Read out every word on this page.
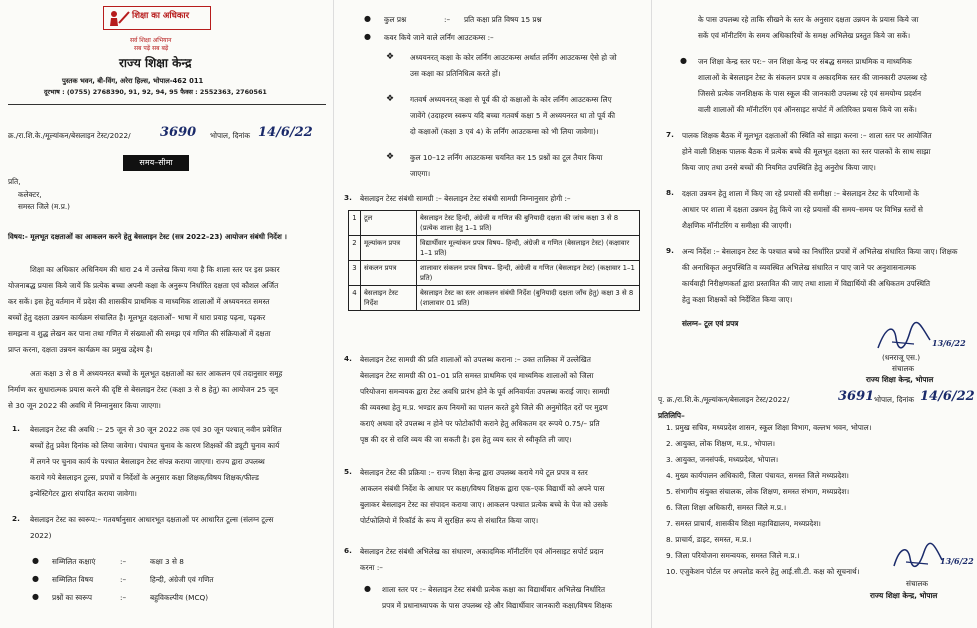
शिक्षा का अधिकार
सर्व शिक्षा अभियान
सब पढ़ें सब बढ़ें
राज्य शिक्षा केन्द्र
पुस्तक भवन, बी-विंग, अरेरा हिल्स, भोपाल-462 011
दूरभाष : (0755) 2768390, 91, 92, 94, 95 फैक्स : 2552363, 2760561
क्र./रा.शि.के./मूल्यांकन/बेसलाइन टेस्ट/2022/ 3690 भोपाल, दिनांक 14/6/22
समय–सीमा
प्रति,
कलेक्टर,
समस्त जिले (म.प्र.)
विषय:- मूलभूत दक्षताओं का आकलन करने हेतु बेसलाइन टेस्ट (सत्र 2022–23) आयोजन संबंधी निर्देश ।
शिक्षा का अधिकार अधिनियम की धारा 24 में उल्लेख किया गया है कि शाला स्तर पर इस प्रकार
योजनाबद्ध प्रयास किये जायें कि प्रत्येक बच्चा अपनी कक्षा के अनुरूप निर्धारित दक्षता एवं कौशल अर्जित
कर सकें। इस हेतु वर्तमान में प्रदेश की शासकीय प्राथमिक व माध्यमिक शालाओं में अध्ययनरत समस्त
बच्चों हेतु दक्षता उन्नयन कार्यक्रम संचालित है। मूलभूत दक्षताओं– भाषा में धारा प्रवाह पढ़ना, पढ़कर
समझना व शुद्ध लेखन कर पाना तथा गणित में संख्याओं की समझ एवं गणित की संक्रियाओं में दक्षता
प्राप्त करना, दक्षता उन्नयन कार्यक्रम का प्रमुख उद्देश्य है।
अतः कक्षा 3 से 8 में अध्ययनरत बच्चों के मूलभूत दक्षताओं का स्तर आकलन एवं तदानुसार समूह
निर्माण कर सुधारात्मक प्रयास करने की दृष्टि से बेसलाइन टेस्ट (कक्षा 3 से 8 हेतु) का आयोजन 25 जून
से 30 जून 2022 की अवधि में निम्नानुसार किया जाएगा।
1. बेसलाइन टेस्ट की अवधि :– 25 जून से 30 जून 2022 तक एवं 30 जून पश्चात् नवीन प्रवेशित
बच्चों हेतु प्रवेश दिनांक को लिया जावेगा। पंचायत चुनाव के कारण शिक्षकों की ड्यूटी चुनाव कार्य
में लगने पर चुनाव कार्य के पश्चात बेसलाइन टेस्ट संपन्न कराया जाएगा। राज्य द्वारा उपलब्ध
कराये गये बेसलाइन टूल्स, प्रपत्रों व निर्देशों के अनुसार कक्षा शिक्षक/विषय शिक्षक/फील्ड
इन्वेस्टिगेटर द्वारा संपादित कराया जावेगा।
2. बेसलाइन टेस्ट का स्वरूप:– गतवर्षानुसार आधारभूत दक्षताओं पर आधारित टूल्स (संलग्न टूल्स
2022)
● सम्मिलित कक्षाएं	:–	कक्षा 3 से 8
● सम्मिलित विषय	:–	हिन्दी, अंग्रेजी एवं गणित
● प्रश्नों का स्वरूप	:–	बहुविकल्पीय (MCQ)
● कुल प्रश्न	:– प्रति कक्षा प्रति विषय 15 प्रश्न
● कवर किये जाने वाले लर्निंग आउटकम्स :–
❖ अध्ययनरत् कक्षा के कोर लर्निंग आउटकम्स अर्थात लर्निंग आउटकम्स ऐसे हो जो
उस कक्षा का प्रतिनिधित्व करते हों।
❖ गतवर्ष अध्ययनरत् कक्षा से पूर्व की दो कक्षाओं के कोर लर्निंग आउटकम्स लिए
जावेंगे (उदाहरण स्वरूप यदि बच्चा गतवर्ष कक्षा 5 में अध्ययनरत था तो पूर्व की
दो कक्षाओं (कक्षा 3 एवं 4) के लर्निंग आउटकम्स को भी लिया जावेगा)।
❖ कुल 10–12 लर्निंग आउटकम्स चयनित कर 15 प्रश्नों का टूल तैयार किया
जाएगा।
3. बेसलाइन टेस्ट संबंधी सामग्री :– बेसलाइन टेस्ट संबंधी सामग्री निम्नानुसार होगी :–
1	टूल	बेसलाइन टेस्ट हिन्दी, अंग्रेजी व गणित की बुनियादी दक्षता की जांच कक्षा 3 से 8 (प्रत्येक शाला हेतु 1–1 प्रति)
2	मूल्यांकन प्रपत्र	विद्यार्थीवार मूल्यांकन प्रपत्र विषय– हिन्दी, अंग्रेजी व गणित (बेसलाइन टेस्ट) (कक्षावार 1–1 प्रति)
3	संकलन प्रपत्र	शालावार संकलन प्रपत्र विषय– हिन्दी, अंग्रेजी व गणित (बेसलाइन टेस्ट) (कक्षावार 1–1 प्रति)
4	बेसलाइन टेस्ट निर्देश	बेसलाइन टेस्ट का स्तर आकलन संबंधी निर्देश (बुनियादी दक्षता जाँच हेतु) कक्षा 3 से 8 (शालावार 01 प्रति)
4. बेसलाइन टेस्ट सामग्री की प्रति शालाओं को उपलब्ध कराना :– उक्त तालिका में उल्लेखित
बेसलाइन टेस्ट सामग्री की 01–01 प्रति समस्त प्राथमिक एवं माध्यमिक शालाओं को जिला
परियोजना समन्वयक द्वारा टेस्ट अवधि प्रारंभ होने के पूर्व अनिवार्यतः उपलब्ध कराई जाए। सामग्री
की व्यवस्था हेतु म.प्र. भण्डार क्रय नियमों का पालन करते हुये जिले की अनुमोदित दरों पर मुद्रण
कराएं अथवा दरें उपलब्ध न होने पर फोटोकॉपी कराने हेतु अधिकतम दर रूपये 0.75/– प्रति
पृष्ठ की दर से राशि व्यय की जा सकती है। इस हेतु व्यय स्तर से स्वीकृति ली जाए।
5. बेसलाइन टेस्ट की प्रक्रिया :– राज्य शिक्षा केन्द्र द्वारा उपलब्ध कराये गये टूल प्रपत्र व स्तर
आकलन संबंधी निर्देश के आधार पर कक्षा/विषय शिक्षक द्वारा एक–एक विद्यार्थी को अपने पास
बुलाकर बेसलाइन टेस्ट का संपादन कराया जाए। आकलन पश्चात प्रत्येक बच्चे के पेज को उसके
पोर्टफोलियो में रिकॉर्ड के रूप में सुरक्षित रूप से संधारित किया जाए।
6. बेसलाइन टेस्ट संबंधी अभिलेख का संधारण, अकादमिक मॉनीटरिंग एवं ऑनसाइट सपोर्ट प्रदान
करना :–
● शाला स्तर पर :– बेसलाइन टेस्ट संबंधी प्रत्येक कक्षा का विद्यार्थीवार अभिलेख निर्धारित
प्रपत्र में प्रधानाध्यापक के पास उपलब्ध रहे और विद्यार्थीवार जानकारी कक्षा/विषय शिक्षक
के पास उपलब्ध रहे ताकि सीखने के स्तर के अनुसार दक्षता उन्नयन के प्रयास किये जा
सकें एवं मॉनीटरिंग के समय अधिकारियों के समक्ष अभिलेख प्रस्तुत किये जा सकें।
● जन शिक्षा केन्द्र स्तर पर:– जन शिक्षा केन्द्र पर संबद्ध समस्त प्राथमिक व माध्यमिक
शालाओं के बेसलाइन टेस्ट के संकलन प्रपत्र व अकादमिक स्तर की जानकारी उपलब्ध रहे
जिससे प्रत्येक जनशिक्षक के पास स्कूल की जानकारी उपलब्ध रहे एवं समयोग्य प्रदर्शन
वाली शालाओं की मॉनीटरिंग एवं ऑनसाइट सपोर्ट में अतिरिक्त प्रयास किये जा सकें।
7. पालक शिक्षक बैठक में मूलभूत दक्षताओं की स्थिति को साझा करना :– शाला स्तर पर आयोजित
होने वाली शिक्षक पालक बैठक में प्रत्येक बच्चे की मूलभूत दक्षता का स्तर पालकों के साथ साझा
किया जाए तथा उनसे बच्चों की नियमित उपस्थिति हेतु अनुरोध किया जाए।
8. दक्षता उन्नयन हेतु शाला में किए जा रहे प्रयासों की समीक्षा :– बेसलाइन टेस्ट के परिणामों के
आधार पर शाला में दक्षता उन्नयन हेतु किये जा रहे प्रयासों की समय–समय पर विभिन्न स्तरों से
शैक्षणिक मॉनीटरिंग व समीक्षा की जाएगी।
9. अन्य निर्देश :– बेसलाइन टेस्ट के पश्चात बच्चे का निर्धारित प्रपत्रों में अभिलेख संधारित किया जाए। शिक्षक
की अनाधिकृत अनुपस्थिति व व्यवस्थित अभिलेख संधारित न पाए जाने पर अनुशासनात्मक
कार्यवाही निरीक्षणकर्ता द्वारा प्रस्तावित की जाए तथा शाला में विद्यार्थियों की अधिकतम उपस्थिति
हेतु कक्षा शिक्षकों को निर्देशित किया जाए।
संलग्न– टूल एवं प्रपत्र
13/6/22
(धनराजू एस.)
संचालक
राज्य शिक्षा केन्द्र, भोपाल
पृ. क्र./रा.शि.के./मूल्यांकन/बेसलाइन टेस्ट/2022/	3691 भोपाल, दिनांक 14/6/22
प्रतिलिपि–
1. प्रमुख सचिव, मध्यप्रदेश शासन, स्कूल शिक्षा विभाग, वल्लभ भवन, भोपाल।
2. आयुक्त, लोक शिक्षण, म.प्र., भोपाल।
3. आयुक्त, जनसंपर्क, मध्यप्रदेश, भोपाल।
4. मुख्य कार्यपालन अधिकारी, जिला पंचायत, समस्त जिले मध्यप्रदेश।
5. संभागीय संयुक्त संचालक, लोक शिक्षण, समस्त संभाग, मध्यप्रदेश।
6. जिला शिक्षा अधिकारी, समस्त जिले म.प्र.।
7. समस्त प्राचार्य, शासकीय शिक्षा महाविद्यालय, मध्यप्रदेश।
8. प्राचार्य, डाइट, समस्त, म.प्र.।
9. जिला परियोजना समन्वयक, समस्त जिले म.प्र.।
10. एजुकेशन पोर्टल पर अपलोड करने हेतु आई.सी.टी. कक्ष को सूचनार्थ।
13/6/22
संचालक
राज्य शिक्षा केन्द्र, भोपाल
